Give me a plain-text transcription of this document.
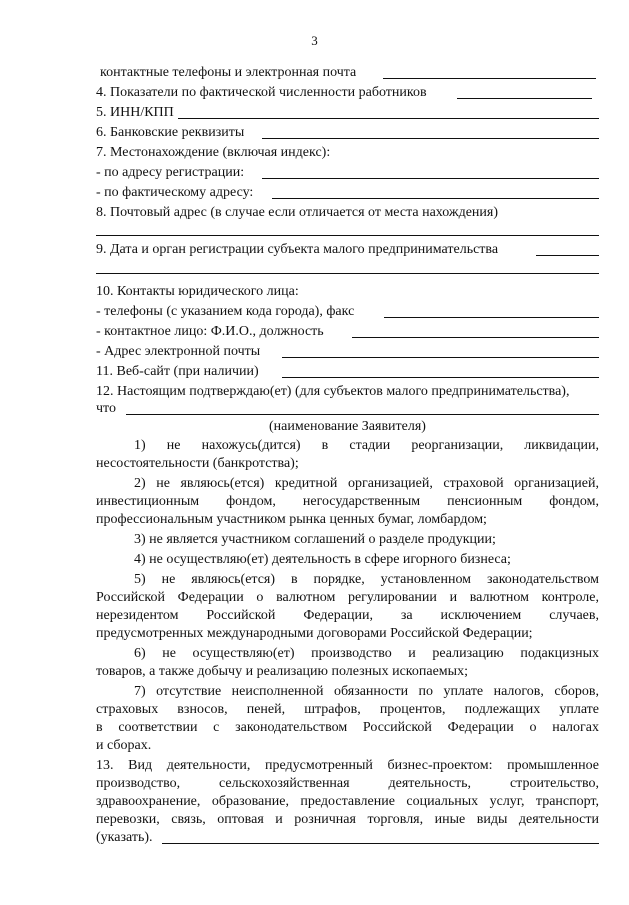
3
контактные телефоны и электронная почта
4. Показатели по фактической численности работников
5. ИНН/КПП
6. Банковские реквизиты
7. Местонахождение (включая индекс):
- по адресу регистрации:
- по фактическому адресу:
8. Почтовый адрес (в случае если отличается от места нахождения)
9. Дата и орган регистрации субъекта малого предпринимательства
10. Контакты юридического лица:
- телефоны (с указанием кода города), факс
- контактное лицо: Ф.И.О., должность
- Адрес электронной почты
11. Веб-сайт (при наличии)
12. Настоящим подтверждаю(ет) (для субъектов малого предпринимательства),
что
(наименование Заявителя)
1) не нахожусь(дится) в стадии реорганизации, ликвидации,
несостоятельности (банкротства);
2) не являюсь(ется) кредитной организацией, страховой организацией,
инвестиционным фондом, негосударственным пенсионным фондом,
профессиональным участником рынка ценных бумаг, ломбардом;
3) не является участником соглашений о разделе продукции;
4) не осуществляю(ет) деятельность в сфере игорного бизнеса;
5) не являюсь(ется) в порядке, установленном законодательством
Российской Федерации о валютном регулировании и валютном контроле,
нерезидентом Российской Федерации, за исключением случаев,
предусмотренных международными договорами Российской Федерации;
6) не осуществляю(ет) производство и реализацию подакцизных
товаров, а также добычу и реализацию полезных ископаемых;
7) отсутствие неисполненной обязанности по уплате налогов, сборов,
страховых взносов, пеней, штрафов, процентов, подлежащих уплате
в соответствии с законодательством Российской Федерации о налогах
и сборах.
13. Вид деятельности, предусмотренный бизнес-проектом: промышленное
производство, сельскохозяйственная деятельность, строительство,
здравоохранение, образование, предоставление социальных услуг, транспорт,
перевозки, связь, оптовая и розничная торговля, иные виды деятельности
(указать).
